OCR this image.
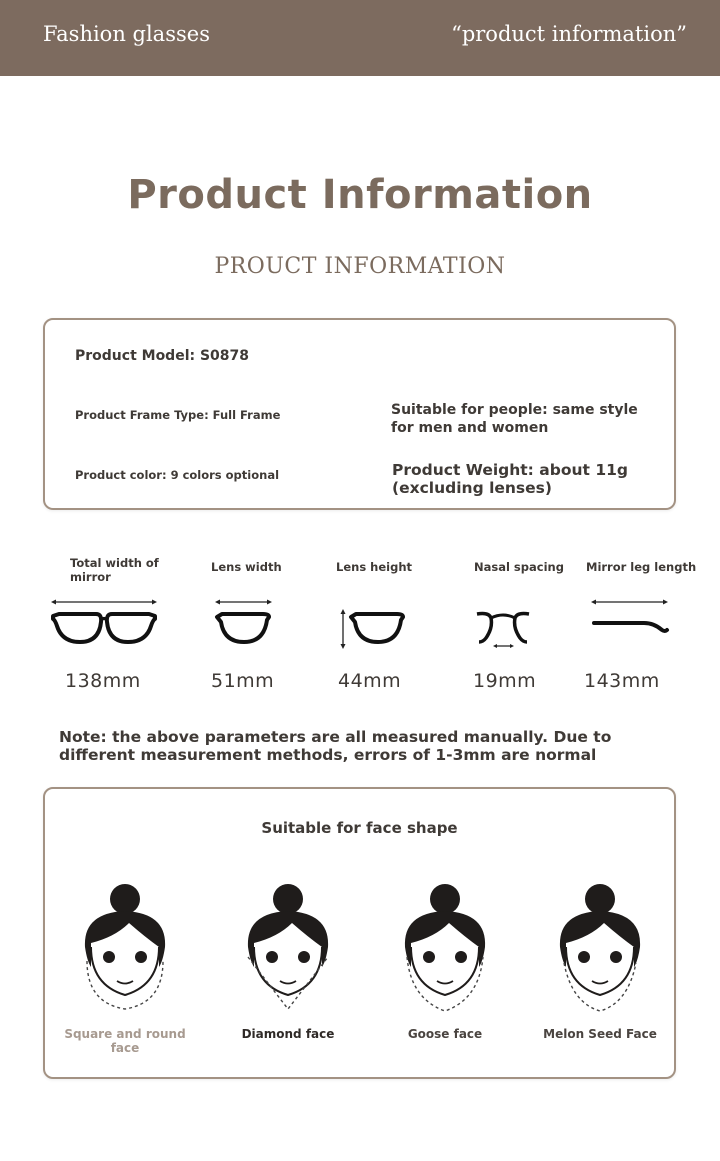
Fashion glasses	“product information”
Product Information
PROUCT INFORMATION
Product Model: S0878
Product Frame Type: Full Frame
Product color: 9 colors optional
Suitable for people: same style for men and women
Product Weight: about 11g (excluding lenses)
Total width of mirror
138mm
Lens width
51mm
Lens height
44mm
Nasal spacing
19mm
Mirror leg length
143mm
Note: the above parameters are all measured manually. Due to different measurement methods, errors of 1-3mm are normal
Suitable for face shape
Square and round face
Diamond face	Goose face	Melon Seed Face
